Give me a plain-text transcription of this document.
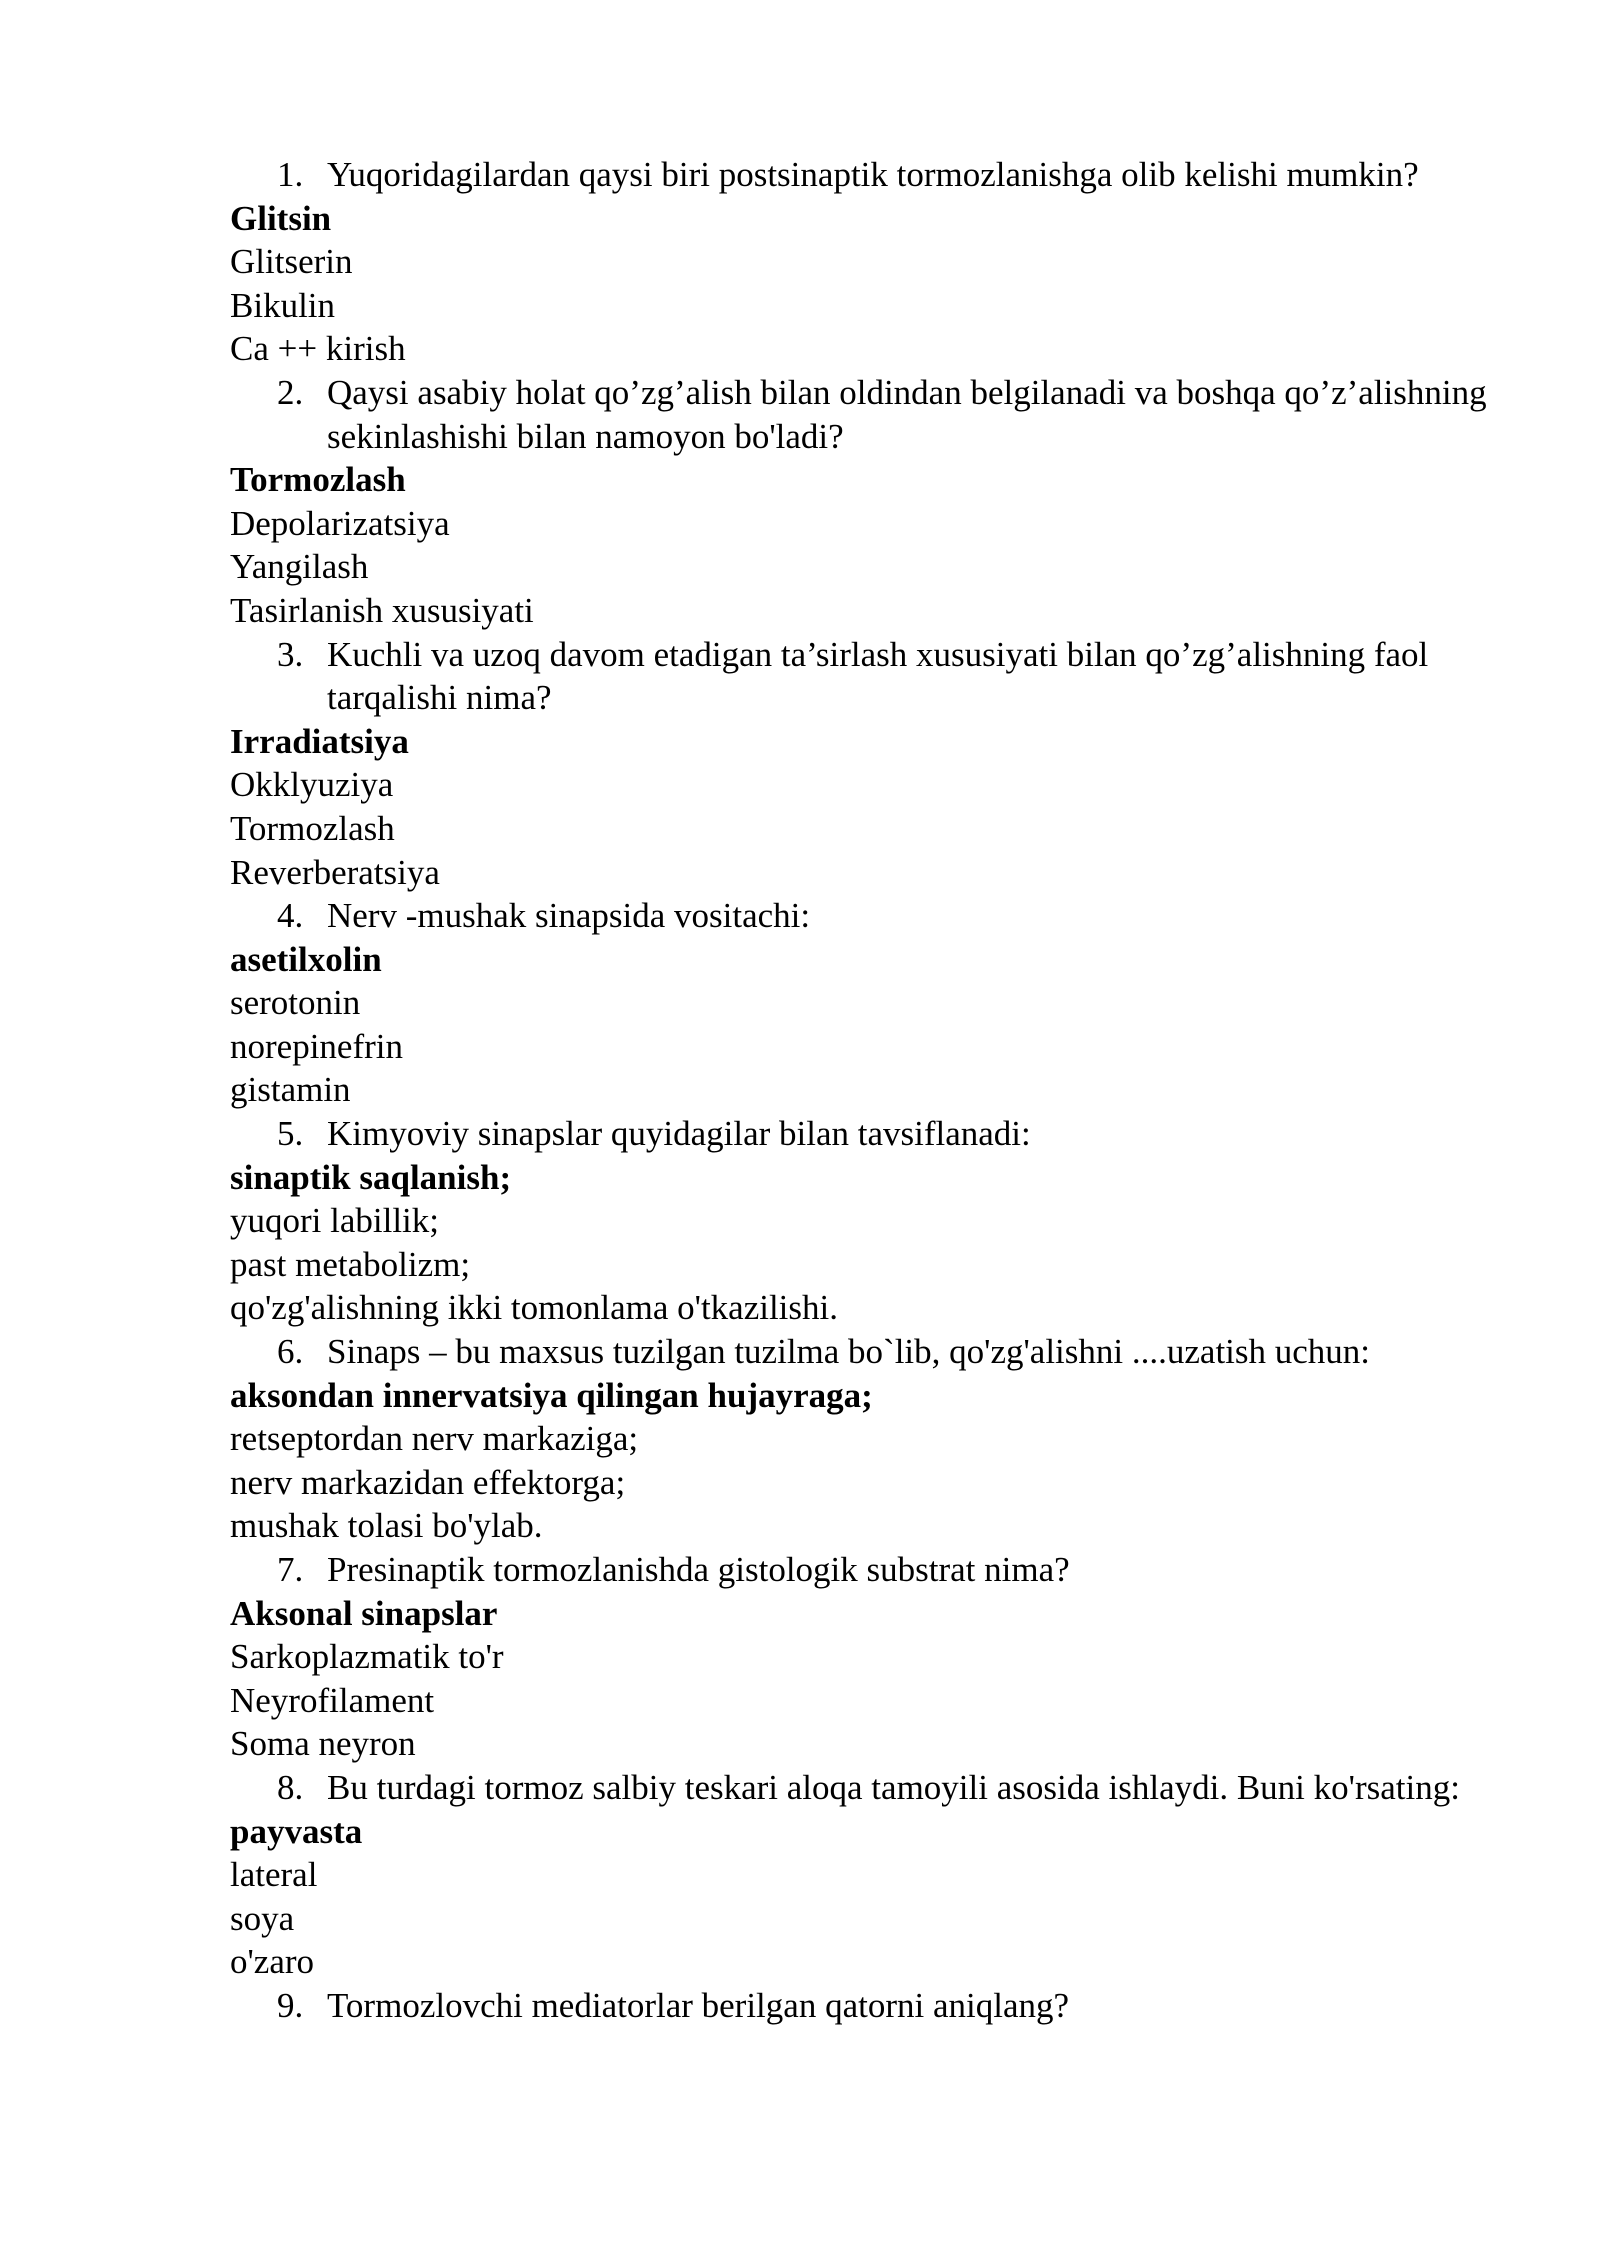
1. Yuqoridagilardan qaysi biri postsinaptik tormozlanishga olib kelishi mumkin?
Glitsin
Glitserin
Bikulin
Ca ++ kirish
2. Qaysi asabiy holat qo’zg’alish bilan oldindan belgilanadi va boshqa qo’z’alishning sekinlashishi bilan namoyon bo'ladi?
Tormozlash
Depolarizatsiya
Yangilash
Tasirlanish xususiyati
3. Kuchli va uzoq davom etadigan ta’sirlash xususiyati bilan qo’zg’alishning faol tarqalishi nima?
Irradiatsiya
Okklyuziya
Tormozlash
Reverberatsiya
4. Nerv -mushak sinapsida vositachi:
asetilxolin
serotonin
norepinefrin
gistamin
5. Kimyoviy sinapslar quyidagilar bilan tavsiflanadi:
sinaptik saqlanish;
yuqori labillik;
past metabolizm;
qo'zg'alishning ikki tomonlama o'tkazilishi.
6. Sinaps – bu maxsus tuzilgan tuzilma bo`lib, qo'zg'alishni ....uzatish uchun:
aksondan innervatsiya qilingan hujayraga;
retseptordan nerv markaziga;
nerv markazidan effektorga;
mushak tolasi bo'ylab.
7. Presinaptik tormozlanishda gistologik substrat nima?
Aksonal sinapslar
Sarkoplazmatik to'r
Neyrofilament
Soma neyron
8. Bu turdagi tormoz salbiy teskari aloqa tamoyili asosida ishlaydi. Buni ko'rsating:
payvasta
lateral
soya
o'zaro
9. Tormozlovchi mediatorlar berilgan qatorni aniqlang?
